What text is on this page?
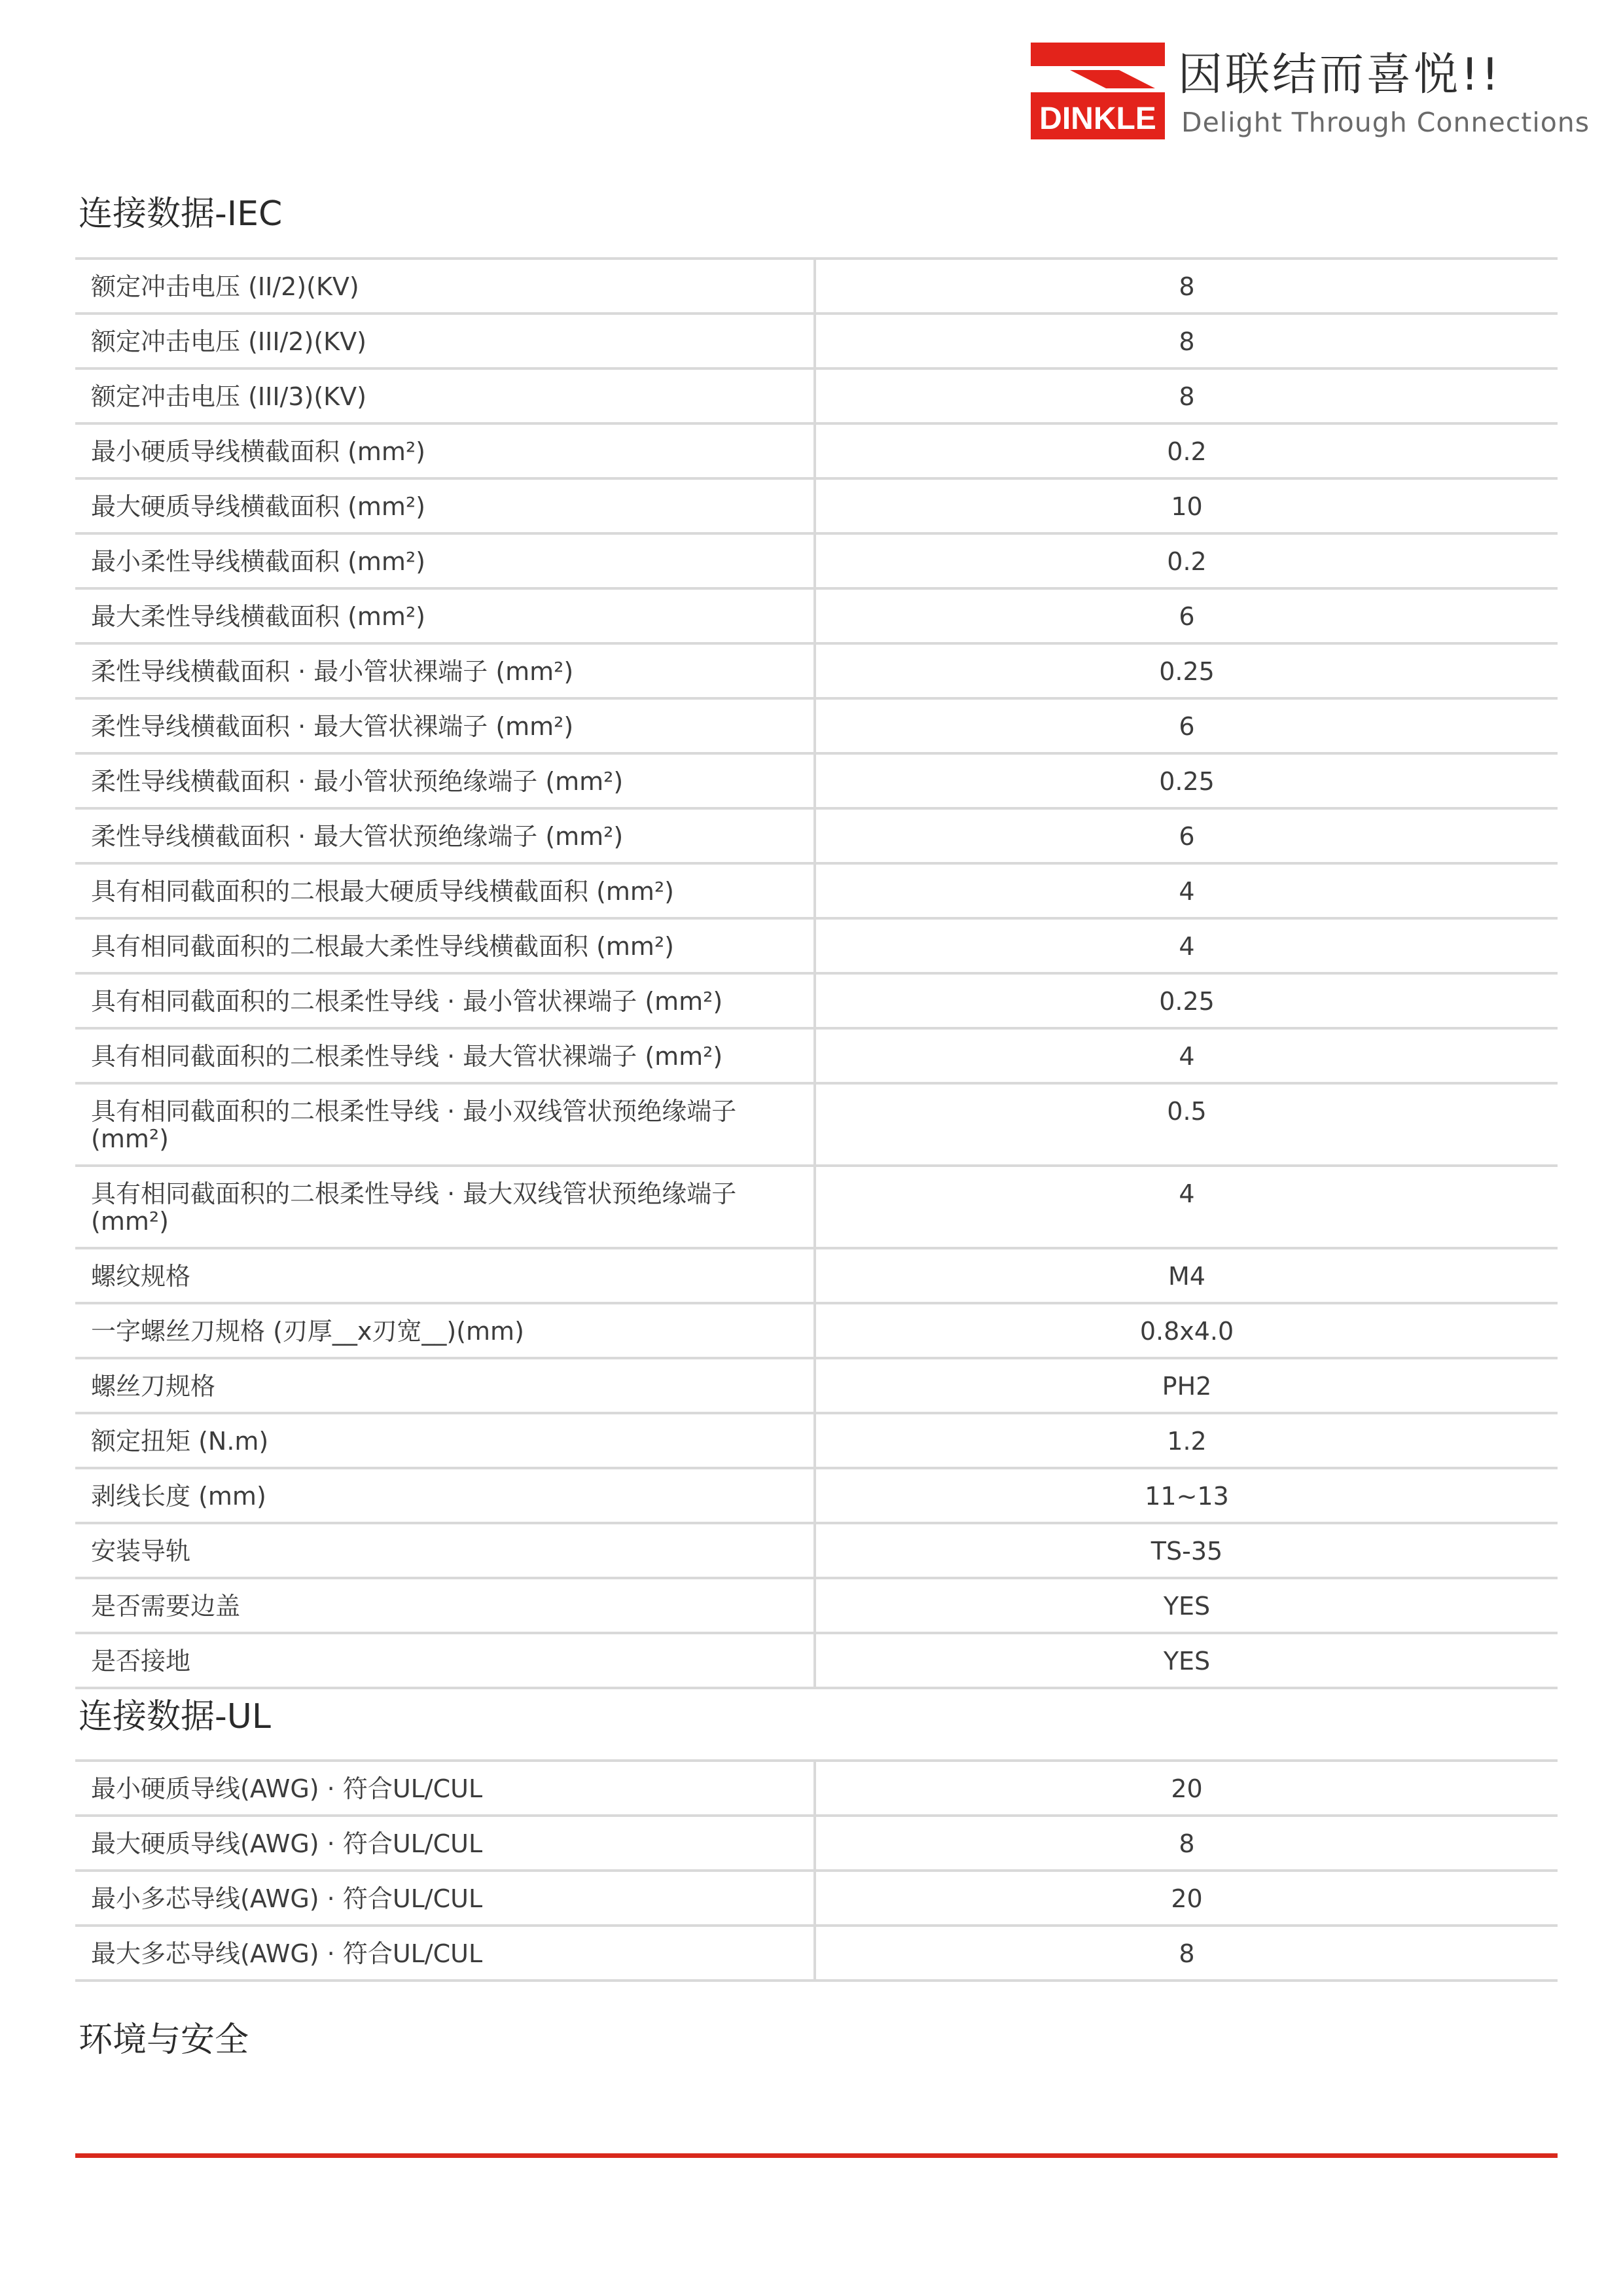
DINKLE
因联结而喜悦!!
Delight Through Connections
连接数据-IEC
额定冲击电压 (II/2)(KV)	8
额定冲击电压 (III/2)(KV)	8
额定冲击电压 (III/3)(KV)	8
最小硬质导线横截面积 (mm²)	0.2
最大硬质导线横截面积 (mm²)	10
最小柔性导线横截面积 (mm²)	0.2
最大柔性导线横截面积 (mm²)	6
柔性导线横截面积 · 最小管状裸端子 (mm²)	0.25
柔性导线横截面积 · 最大管状裸端子 (mm²)	6
柔性导线横截面积 · 最小管状预绝缘端子 (mm²)	0.25
柔性导线横截面积 · 最大管状预绝缘端子 (mm²)	6
具有相同截面积的二根最大硬质导线横截面积 (mm²)	4
具有相同截面积的二根最大柔性导线横截面积 (mm²)	4
具有相同截面积的二根柔性导线 · 最小管状裸端子 (mm²)	0.25
具有相同截面积的二根柔性导线 · 最大管状裸端子 (mm²)	4
具有相同截面积的二根柔性导线 · 最小双线管状预绝缘端子 (mm²)	0.5
具有相同截面积的二根柔性导线 · 最大双线管状预绝缘端子 (mm²)	4
螺纹规格	M4
一字螺丝刀规格 (刃厚__x刃宽__)(mm)	0.8x4.0
螺丝刀规格	PH2
额定扭矩 (N.m)	1.2
剥线长度 (mm)	11~13
安装导轨	TS-35
是否需要边盖	YES
是否接地	YES
连接数据-UL
最小硬质导线(AWG) · 符合UL/CUL	20
最大硬质导线(AWG) · 符合UL/CUL	8
最小多芯导线(AWG) · 符合UL/CUL	20
最大多芯导线(AWG) · 符合UL/CUL	8
环境与安全
